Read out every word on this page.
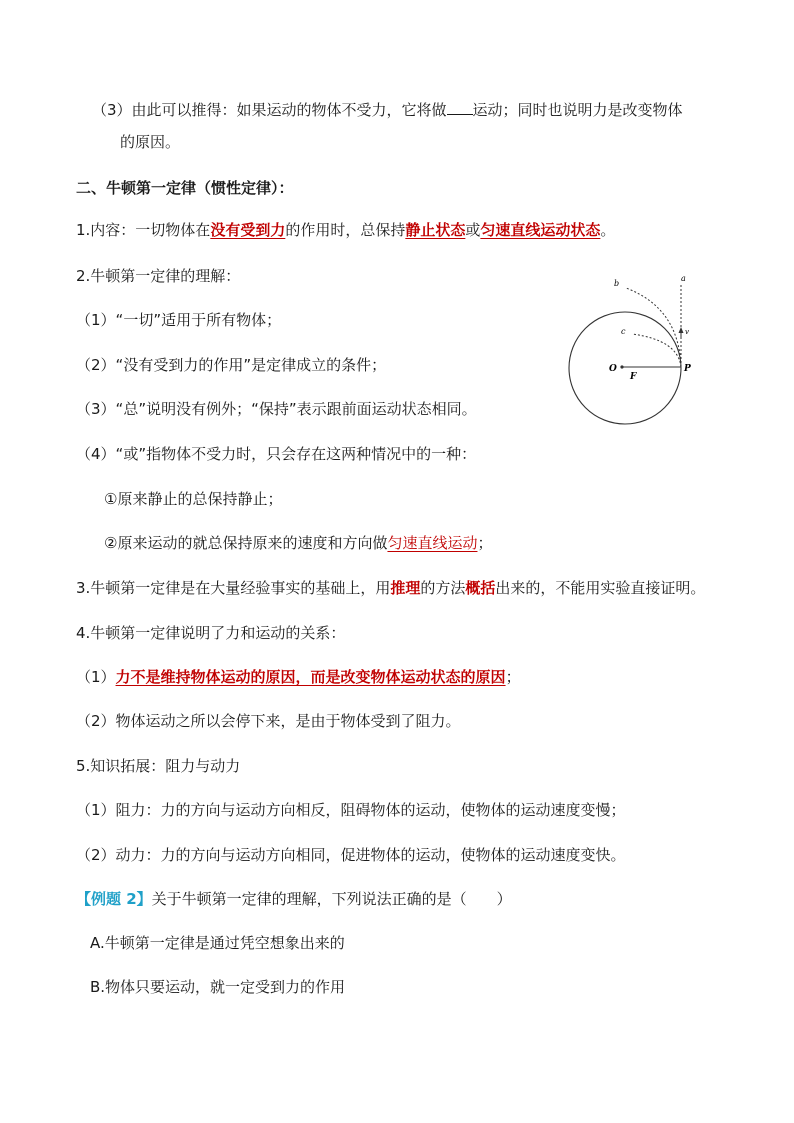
（3）由此可以推得：如果运动的物体不受力，它将做 运动；同时也说明力是改变物体
的原因。
二、牛顿第一定律（惯性定律）：
1.内容：一切物体在没有受到力的作用时，总保持静止状态或匀速直线运动状态。
2.牛顿第一定律的理解：
（1）“一切”适用于所有物体；
（2）“没有受到力的作用”是定律成立的条件；
（3）“总”说明没有例外；“保持”表示跟前面运动状态相同。
（4）“或”指物体不受力时，只会存在这两种情况中的一种：
①原来静止的总保持静止；
②原来运动的就总保持原来的速度和方向做匀速直线运动；
3.牛顿第一定律是在大量经验事实的基础上，用推理的方法概括出来的，不能用实验直接证明。
4.牛顿第一定律说明了力和运动的关系：
（1）力不是维持物体运动的原因，而是改变物体运动状态的原因；
（2）物体运动之所以会停下来，是由于物体受到了阻力。
5.知识拓展：阻力与动力
（1）阻力：力的方向与运动方向相反，阻碍物体的运动，使物体的运动速度变慢；
（2）动力：力的方向与运动方向相同，促进物体的运动，使物体的运动速度变快。
【例题 2】关于牛顿第一定律的理解，下列说法正确的是（　　）
A.牛顿第一定律是通过凭空想象出来的
B.物体只要运动，就一定受到力的作用
a
b
c	v
O
F
P
